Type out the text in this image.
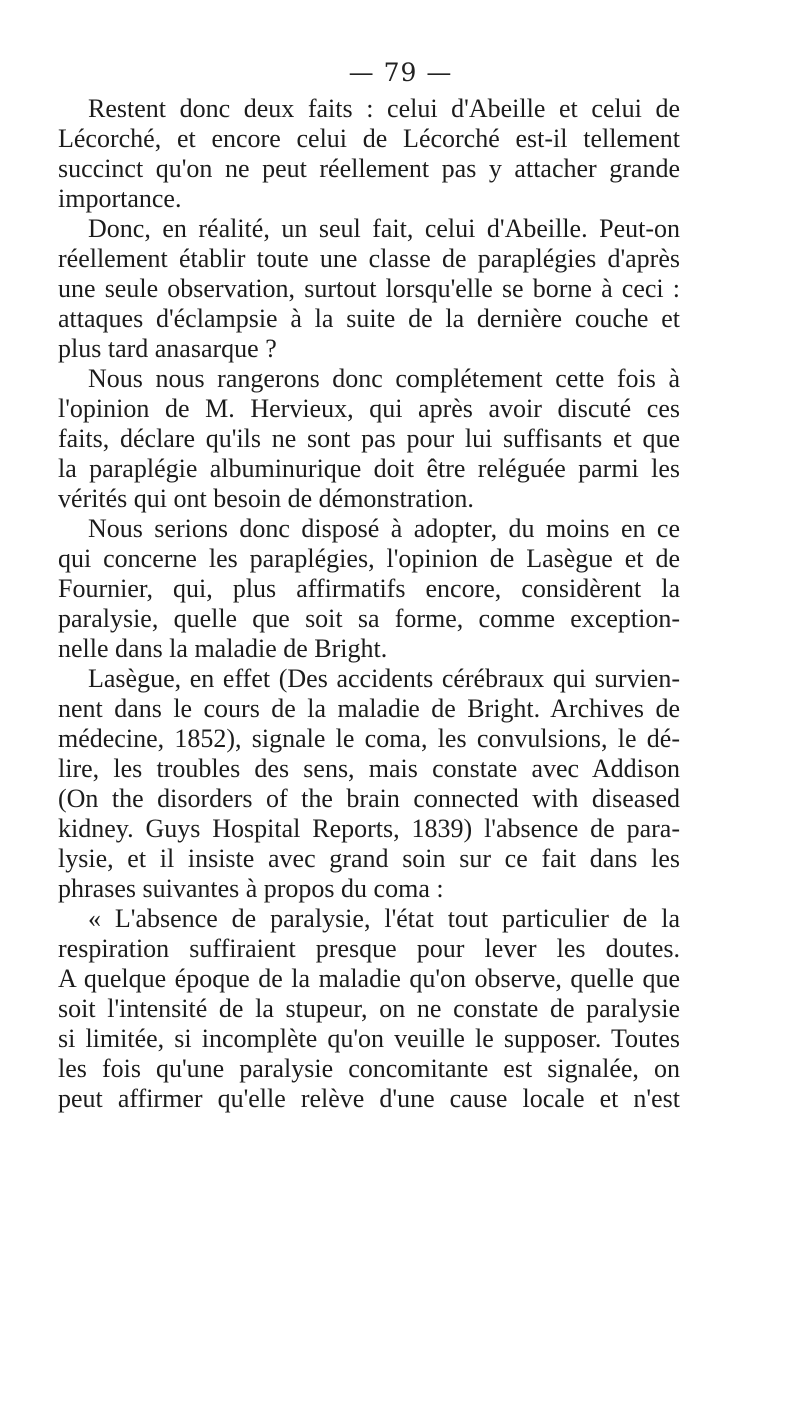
— 79 —
Restent donc deux faits : celui d'Abeille et celui de
Lécorché, et encore celui de Lécorché est-il tellement
succinct qu'on ne peut réellement pas y attacher grande
importance.
Donc, en réalité, un seul fait, celui d'Abeille. Peut-on
réellement établir toute une classe de paraplégies d'après
une seule observation, surtout lorsqu'elle se borne à ceci :
attaques d'éclampsie à la suite de la dernière couche et
plus tard anasarque ?
Nous nous rangerons donc complétement cette fois à
l'opinion de M. Hervieux, qui après avoir discuté ces
faits, déclare qu'ils ne sont pas pour lui suffisants et que
la paraplégie albuminurique doit être reléguée parmi les
vérités qui ont besoin de démonstration.
Nous serions donc disposé à adopter, du moins en ce
qui concerne les paraplégies, l'opinion de Lasègue et de
Fournier, qui, plus affirmatifs encore, considèrent la
paralysie, quelle que soit sa forme, comme exception-
nelle dans la maladie de Bright.
Lasègue, en effet (Des accidents cérébraux qui survien-
nent dans le cours de la maladie de Bright. Archives de
médecine, 1852), signale le coma, les convulsions, le dé-
lire, les troubles des sens, mais constate avec Addison
(On the disorders of the brain connected with diseased
kidney. Guys Hospital Reports, 1839) l'absence de para-
lysie, et il insiste avec grand soin sur ce fait dans les
phrases suivantes à propos du coma :
« L'absence de paralysie, l'état tout particulier de la
respiration suffiraient presque pour lever les doutes.
A quelque époque de la maladie qu'on observe, quelle que
soit l'intensité de la stupeur, on ne constate de paralysie
si limitée, si incomplète qu'on veuille le supposer. Toutes
les fois qu'une paralysie concomitante est signalée, on
peut affirmer qu'elle relève d'une cause locale et n'est
